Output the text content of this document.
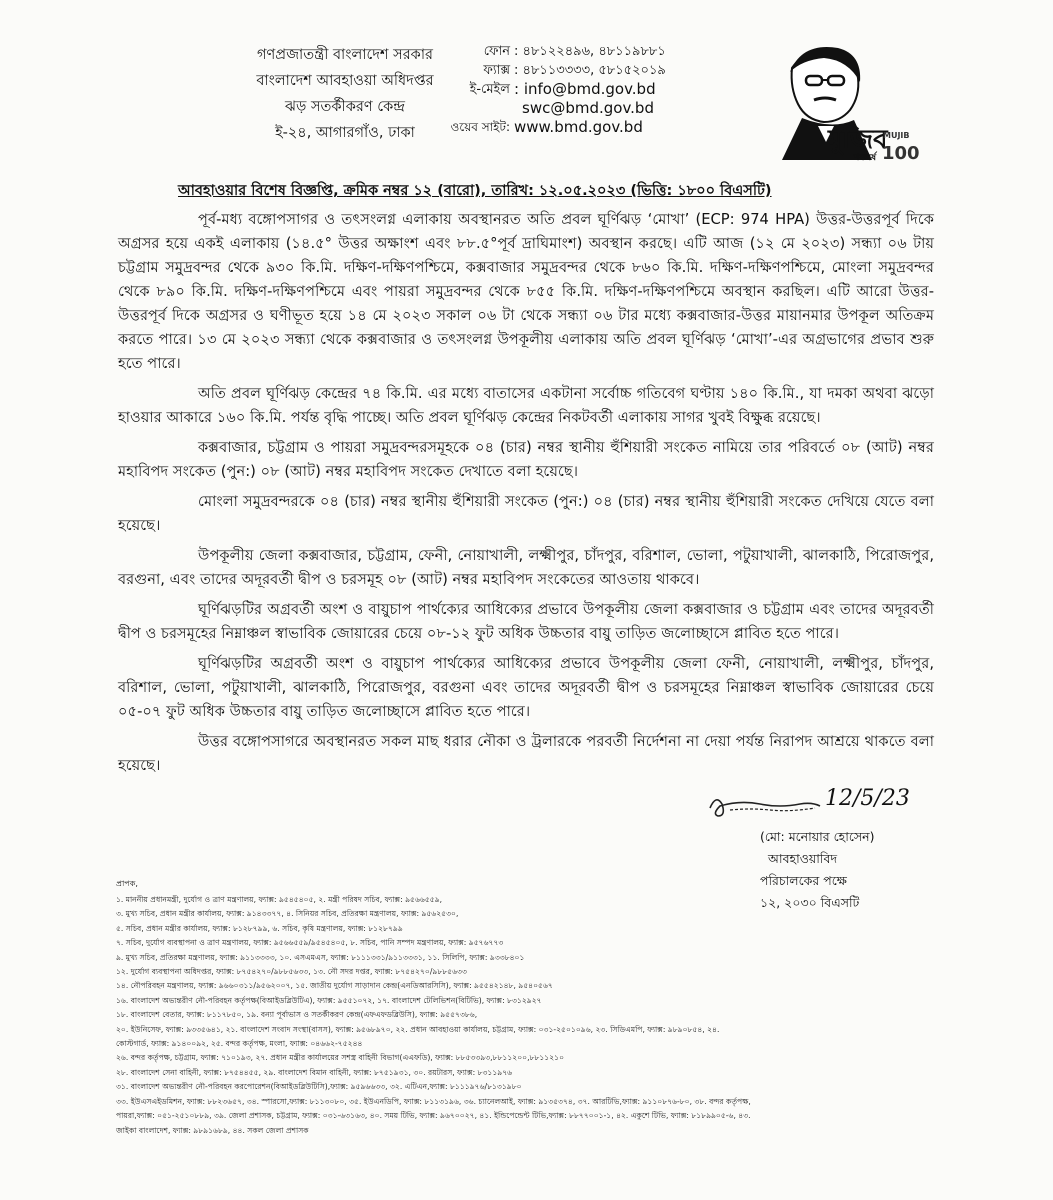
গণপ্রজাতন্ত্রী বাংলাদেশ সরকার
বাংলাদেশ আবহাওয়া অধিদপ্তর
ঝড় সতর্কীকরণ কেন্দ্র
ই-২৪, আগারগাঁও, ঢাকা
ফোন : ৪৮১২২৪৯৬, ৪৮১১৯৮৮১
ফ্যাক্স : ৪৮১১৩৩৩৩, ৫৮১৫২০১৯
ই-মেইল : info@bmd.gov.bd
swc@bmd.gov.bd
ওয়েব সাইট: www.bmd.gov.bd	মুজিব
শতবর্ষ
MUJIB
100
আবহাওয়ার বিশেষ বিজ্ঞপ্তি, ক্রমিক নম্বর ১২ (বারো), তারিখ: ১২.০৫.২০২৩ (ভিত্তি: ১৮০০ বিএসটি)

পূর্ব-মধ্য বঙ্গোপসাগর ও তৎসংলগ্ন এলাকায় অবস্থানরত অতি প্রবল ঘূর্ণিঝড় ‘মোখা’ (ECP: 974 HPA) উত্তর-উত্তরপূর্ব দিকে অগ্রসর হয়ে একই এলাকায় (১৪.৫° উত্তর অক্ষাংশ এবং ৮৮.৫°পূর্ব দ্রাঘিমাংশ) অবস্থান করছে। এটি আজ (১২ মে ২০২৩) সন্ধ্যা ০৬ টায় চট্টগ্রাম সমুদ্রবন্দর থেকে ৯৩০ কি.মি. দক্ষিণ-দক্ষিণপশ্চিমে, কক্সবাজার সমুদ্রবন্দর থেকে ৮৬০ কি.মি. দক্ষিণ-দক্ষিণপশ্চিমে, মোংলা সমুদ্রবন্দর থেকে ৮৯০ কি.মি. দক্ষিণ-দক্ষিণপশ্চিমে এবং পায়রা সমুদ্রবন্দর থেকে ৮৫৫ কি.মি. দক্ষিণ-দক্ষিণপশ্চিমে অবস্থান করছিল। এটি আরো উত্তর-উত্তরপূর্ব দিকে অগ্রসর ও ঘণীভূত হয়ে ১৪ মে ২০২৩ সকাল ০৬ টা থেকে সন্ধ্যা ০৬ টার মধ্যে কক্সবাজার-উত্তর মায়ানমার উপকূল অতিক্রম করতে পারে। ১৩ মে ২০২৩ সন্ধ্যা থেকে কক্সবাজার ও তৎসংলগ্ন উপকূলীয় এলাকায় অতি প্রবল ঘূর্ণিঝড় ‘মোখা’-এর অগ্রভাগের প্রভাব শুরু হতে পারে।

অতি প্রবল ঘূর্ণিঝড় কেন্দ্রের ৭৪ কি.মি. এর মধ্যে বাতাসের একটানা সর্বোচ্চ গতিবেগ ঘণ্টায় ১৪০ কি.মি., যা দমকা অথবা ঝড়ো হাওয়ার আকারে ১৬০ কি.মি. পর্যন্ত বৃদ্ধি পাচ্ছে। অতি প্রবল ঘূর্ণিঝড় কেন্দ্রের নিকটবর্তী এলাকায় সাগর খুবই বিক্ষুব্ধ রয়েছে।

কক্সবাজার, চট্টগ্রাম ও পায়রা সমুদ্রবন্দরসমূহকে ০৪ (চার) নম্বর স্থানীয় হুঁশিয়ারী সংকেত নামিয়ে তার পরিবর্তে ০৮ (আট) নম্বর মহাবিপদ সংকেত (পুন:) ০৮ (আট) নম্বর মহাবিপদ সংকেত দেখাতে বলা হয়েছে।

মোংলা সমুদ্রবন্দরকে ০৪ (চার) নম্বর স্থানীয় হুঁশিয়ারী সংকেত (পুন:) ০৪ (চার) নম্বর স্থানীয় হুঁশিয়ারী সংকেত দেখিয়ে যেতে বলা হয়েছে।

উপকূলীয় জেলা কক্সবাজার, চট্টগ্রাম, ফেনী, নোয়াখালী, লক্ষ্মীপুর, চাঁদপুর, বরিশাল, ভোলা, পটুয়াখালী, ঝালকাঠি, পিরোজপুর, বরগুনা, এবং তাদের অদূরবর্তী দ্বীপ ও চরসমূহ ০৮ (আট) নম্বর মহাবিপদ সংকেতের আওতায় থাকবে।

ঘূর্ণিঝড়টির অগ্রবর্তী অংশ ও বায়ুচাপ পার্থক্যের আধিক্যের প্রভাবে উপকূলীয় জেলা কক্সবাজার ও চট্টগ্রাম এবং তাদের অদূরবর্তী দ্বীপ ও চরসমূহের নিম্নাঞ্চল স্বাভাবিক জোয়ারের চেয়ে ০৮-১২ ফুট অধিক উচ্চতার বায়ু তাড়িত জলোচ্ছাসে প্লাবিত হতে পারে।

ঘূর্ণিঝড়টির অগ্রবর্তী অংশ ও বায়ুচাপ পার্থক্যের আধিক্যের প্রভাবে উপকূলীয় জেলা ফেনী, নোয়াখালী, লক্ষ্মীপুর, চাঁদপুর, বরিশাল, ভোলা, পটুয়াখালী, ঝালকাঠি, পিরোজপুর, বরগুনা এবং তাদের অদূরবর্তী দ্বীপ ও চরসমূহের নিম্নাঞ্চল স্বাভাবিক জোয়ারের চেয়ে ০৫-০৭ ফুট অধিক উচ্চতার বায়ু তাড়িত জলোচ্ছাসে প্লাবিত হতে পারে।

উত্তর বঙ্গোপসাগরে অবস্থানরত সকল মাছ ধরার নৌকা ও ট্রলারকে পরবর্তী নির্দেশনা না দেয়া পর্যন্ত নিরাপদ আশ্রয়ে থাকতে বলা হয়েছে।

12/5/23
(মো: মনোয়ার হোসেন)
আবহাওয়াবিদ
পরিচালকের পক্ষে
১২, ২০৩০ বিএসটি
প্রাপক,
১. মাননীয় প্রধানমন্ত্রী, দুর্যোগ ও ত্রাণ মন্ত্রণালয়, ফ্যাক্স: ৯৫৪৫৪০৫, ২. মন্ত্রী পরিষদ সচিব, ফ্যাক্স: ৯৫৬৬৫৫৯,
৩. মুখ্য সচিব, প্রধান মন্ত্রীর কার্যালয়, ফ্যাক্স: ৯১৪৩৩৭৭, ৪. সিনিয়র সচিব, প্রতিরক্ষা মন্ত্রণালয়, ফ্যাক্স: ৯৫৬২৫৩০,
৫. সচিব, প্রধান মন্ত্রীর কার্যালয়, ফ্যাক্স: ৮১২৮৭৯৯, ৬. সচিব, কৃষি মন্ত্রণালয়, ফ্যাক্স: ৮১২৮৭৯৯
৭. সচিব, দুর্যোগ ব্যবস্থাপনা ও ত্রাণ মন্ত্রণালয়, ফ্যাক্স: ৯৫৬৬৫৫৯/৯৫৪৫৪০৫, ৮. সচিব, পানি সম্পদ মন্ত্রণালয়, ফ্যাক্স: ৯৫৭৬৭৭৩
৯. মুখ্য সচিব, প্রতিরক্ষা মন্ত্রণালয়, ফ্যাক্স: ৯১১৩৩৩৩, ১০. এসএমএস, ফ্যাক্স: ৮১১১৩৩১/৯১১৩৩৩১, ১১. সিলিপি, ফ্যাক্স: ৯৩৩৮৪০১
১২. দুর্যোগ ব্যবস্থাপনা অধিদপ্তর, ফ্যাক্স: ৮৭৫৪২৭০/৯৮৮৫৬৩৩, ১৩. নৌ সদর দপ্তর, ফ্যাক্স: ৮৭৫৪২৭০/৯৮৮৫৬৩৩
১৪. নৌপরিবহন মন্ত্রণালয়, ফ্যাক্স: ৯৬৬০৩১১/৯৫৬২০০৭, ১৫. জাতীয় দুর্যোগ সাড়াদান কেন্দ্র(এনডিআরসিসি), ফ্যাক্স: ৯৫৫৪২১৪৮, ৯৫৪০৫৬৭
১৬. বাংলাদেশ অভ্যন্তরীণ নৌ-পরিবহন কর্তৃপক্ষ(বিআইডব্লিউটিএ), ফ্যাক্স: ৯৫৫১০৭২, ১৭. বাংলাদেশ টেলিভিশন(বিটিভি), ফ্যাক্স: ৮৩১২৯২৭
১৮. বাংলাদেশ বেতার, ফ্যাক্স: ৮১১৭৮৫০, ১৯. বন্যা পূর্বাভাস ও সতর্কীকরণ কেন্দ্র(এফএফডব্লিউসি), ফ্যাক্স: ৯৫৫৭৩৮৬,
২০. ইউনিসেফ, ফ্যাক্স: ৯৩৩৫৬৪১, ২১. বাংলাদেশ সংবাদ সংস্থা(বাসস), ফ্যাক্স: ৯৫৬৮৯৭০, ২২. প্রধান আবহাওয়া কার্যালয়, চট্টগ্রাম, ফ্যাক্স: ০৩১-২৫০১০৯৬, ২৩. সিডিএমপি, ফ্যাক্স: ৯৮৯০৮৫৪, ২৪.
কোস্টগার্ড, ফ্যাক্স: ৯১৪০০৯২, ২৫. বন্দর কর্তৃপক্ষ, মংলা, ফ্যাক্স: ০৪৬৬২-৭৫২৪৪
২৬. বন্দর কর্তৃপক্ষ, চট্টগ্রাম, ফ্যাক্স: ৭১০১৯৩, ২৭. প্রধান মন্ত্রীর কার্যালয়ের সশস্ত্র বাহিনী বিভাগ(এএফডি), ফ্যাক্স: ৮৮৫৩৩৯৩,৮৮১১২০০,৮৮১১২১০
২৮. বাংলাদেশ সেনা বাহিনী, ফ্যাক্স: ৮৭৫৪৪৫৫, ২৯. বাংলাদেশ বিমান বাহিনী, ফ্যাক্স: ৮৭৫১৯৩১, ৩০. রয়টারস, ফ্যাক্স: ৮৩১১৯৭৬
৩১. বাংলাদেশ অভ্যন্তরীণ নৌ-পরিবহন করপোরেশন(বিআইডব্লিউটিসি),ফ্যাক্স: ৯৫৯৬৬৩৩, ৩২. এটিএন,ফ্যাক্স: ৮১১১৯৭৬/৮১৩১৯৮০
৩৩. ইউএসএইডমিশন, ফ্যাক্স: ৮৮২৩৬৫৭, ৩৪. স্পারসো,ফ্যাক্স: ৮১১৩০৮০, ৩৫. ইউএনডিপি, ফ্যাক্স: ৮১১৩১৯৬, ৩৬. চ্যানেলআই, ফ্যাক্স: ৯১৩৫৩৭৪, ৩৭. আরটিভি,ফ্যাক্স: ৯১১০৮৭৬-৮০, ৩৮. বন্দর কর্তৃপক্ষ,
পায়রা,ফ্যাক্স: ০৫১-২৫১০৮৮৯, ৩৯. জেলা প্রশাসক, চট্টগ্রাম, ফ্যাক্স: ০৩১-৬৩১৬৩, ৪০. সময় টিভি, ফ্যাক্স: ৯৬৭০০২৭, ৪১. ইন্ডিপেন্ডেন্ট টিভি,ফ্যাক্স: ৮৮৭৭০০১-১, ৪২. একুশে টিভি, ফ্যাক্স: ৮১৮৯৯০৫-৬, ৪৩.
জাইকা বাংলাদেশ, ফ্যাক্স: ৯৮৯১৬৮৯, ৪৪. সকল জেলা প্রশাসক
